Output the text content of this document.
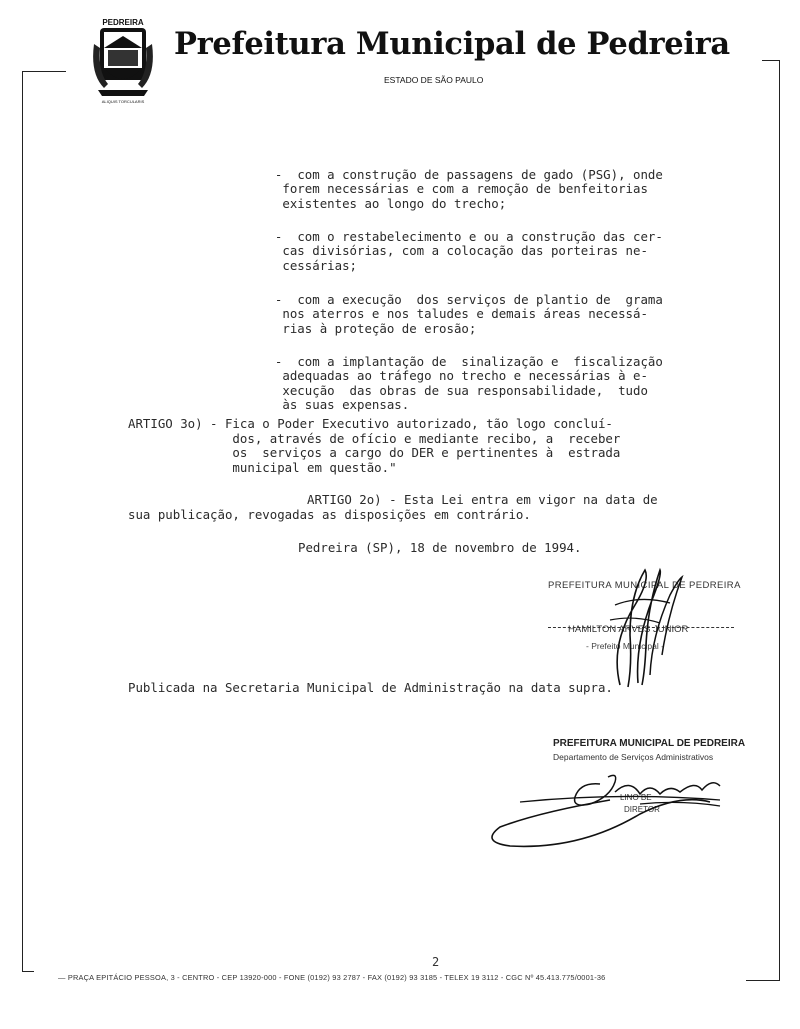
PEDREIRA
ALIQUIS TORCULARIS
Prefeitura Municipal de Pedreira
ESTADO DE SÃO PAULO

- com a construção de passagens de gado (PSG), onde
forem necessárias e com a remoção de benfeitorias
existentes ao longo do trecho;

- com o restabelecimento e ou a construção das cer-
cas divisórias, com a colocação das porteiras ne-
cessárias;

- com a execução  dos serviços de plantio de  grama
nos aterros e nos taludes e demais áreas necessá-
rias à proteção de erosão;

- com a implantação de  sinalização e  fiscalização
adequadas ao tráfego no trecho e necessárias à e-
xecução  das obras de sua responsabilidade,  tudo
às suas expensas.
ARTIGO 3o) - Fica o Poder Executivo autorizado, tão logo concluí-
dos, através de ofício e mediante recibo, a  receber
os  serviços a cargo do DER e pertinentes à  estrada
municipal em questão."
ARTIGO 2o) - Esta Lei entra em vigor na data de
sua publicação, revogadas as disposições em contrário.
Pedreira (SP), 18 de novembro de 1994.
PREFEITURA MUNICIPAL DE PEDREIRA
HAMILTON ARVES JUNIOR
- Prefeito Municipal -
Publicada na Secretaria Municipal de Administração na data supra.
PREFEITURA MUNICIPAL DE PEDREIRA
Departamento de Serviços Administrativos
LINO BE
DIRETOR
2
— PRAÇA EPITÁCIO PESSOA, 3 - CENTRO - CEP 13920-000 - FONE (0192) 93 2787 - FAX (0192) 93 3185 - TELEX 19 3112 - CGC Nº 45.413.775/0001-36
